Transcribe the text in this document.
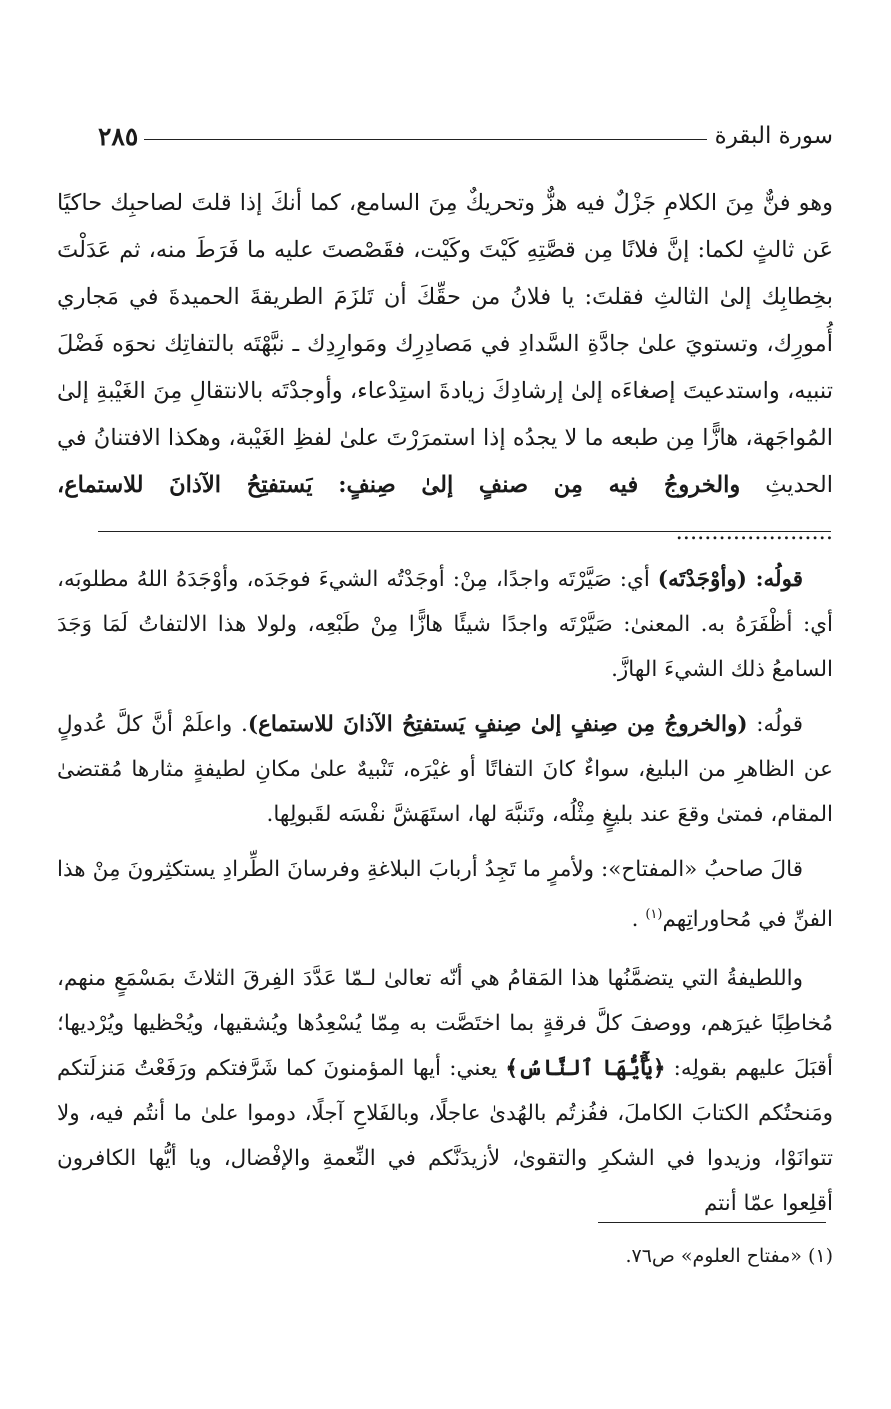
سورة البقرة
٢٨٥

وهو فنٌّ مِنَ الكلامِ جَزْلٌ فيه هزٌّ وتحريكٌ مِنَ السامع، كما أنكَ إذا قلتَ لصاحبِك حاكيًا عَن ثالثٍ لكما: إنَّ فلانًا مِن قصَّتِهِ كَيْتَ وكَيْت، فقَصْصتَ عليه ما فَرَطَ منه، ثم عَدَلْتَ بخِطابِك إلىٰ الثالثِ فقلتَ: يا فلانُ من حقِّكَ أن تَلزَمَ الطريقةَ الحميدةَ في مَجاري أُمورِك، وتستويَ علىٰ جادَّةِ السَّدادِ في مَصادِرِك ومَوارِدِك ـ نبَّهْتَه بالتفاتِك نحوَه فَضْلَ تنبيه، واستدعيتَ إصغاءَه إلىٰ إرشادِكَ زيادةَ استِدْعاء، وأوجدْتَه بالانتقالِ مِنَ الغَيْبةِ إلىٰ المُواجَهة، هازًّا مِن طبعه ما لا يجدُه إذا استمرَرْتَ علىٰ لفظِ الغَيْبة، وهكذا الافتنانُ في الحديثِ والخروجُ فيه مِن صنفٍ إلىٰ صِنفٍ: يَستفتِحُ الآذانَ للاستماع، ......................

قولُه: (وأوْجَدْتَه) أي: صَيَّرْتَه واجدًا، مِنْ: أوجَدْتُه الشيءَ فوجَدَه، وأوْجَدَهُ اللهُ مطلوبَه، أي: أظْفَرَهُ به. المعنىٰ: صَيَّرْتَه واجدًا شيئًا هازًّا مِنْ طَبْعِه، ولولا هذا الالتفاتُ لَمَا وَجَدَ السامعُ ذلك الشيءَ الهازَّ.

قولُه: (والخروجُ مِن صِنفٍ إلىٰ صِنفٍ يَستفتِحُ الآذانَ للاستماع). واعلَمْ أنَّ كلَّ عُدولٍ عن الظاهرِ من البليغ، سواءٌ كانَ التفاتًا أو غيْرَه، تَنْبيهٌ علىٰ مكانِ لطيفةٍ مثارها مُقتضىٰ المقام، فمتىٰ وقعَ عند بليغٍ مِثْلُه، وتَنبَّهَ لها، استَهَشَّ نفْسَه لقَبولِها.

قالَ صاحبُ «المفتاح»: ولأمرٍ ما تَجِدُ أربابَ البلاغةِ وفرسانَ الطِّرادِ يستكثِرونَ مِنْ هذا الفنِّ في مُحاوراتِهم$^{(١)}$ .

واللطيفةُ التي يتضمَّنُها هذا المَقامُ هي أنّه تعالىٰ لـمّا عَدَّدَ الفِرقَ الثلاثَ بمَسْمَعٍ منهم، مُخاطِبًا غيرَهم، ووصفَ كلَّ فرقةٍ بما اختَصَّت به مِمّا يُسْعِدُها ويُشقيها، ويُحْظيها ويُرْديها؛ أقبَلَ عليهم بقولِه: ﴿يَٰٓأَيُّهَا ٱلنَّاسُ﴾ يعني: أيها المؤمنونَ كما شَرَّفتكم ورَفَعْتُ مَنزلَتكم ومَنحتُكم الكتابَ الكاملَ، ففُزتُم بالهُدىٰ عاجلًا، وبالفَلاحِ آجلًا، دوموا علىٰ ما أنتُم فيه، ولا تتوانَوْا، وزيدوا في الشكرِ والتقوىٰ، لأزيدَنَّكم في النِّعمةِ والإفْضال، ويا أيُّها الكافرون أقلِعوا عمّا أنتم

(١) «مفتاح العلوم» ص٧٦.
